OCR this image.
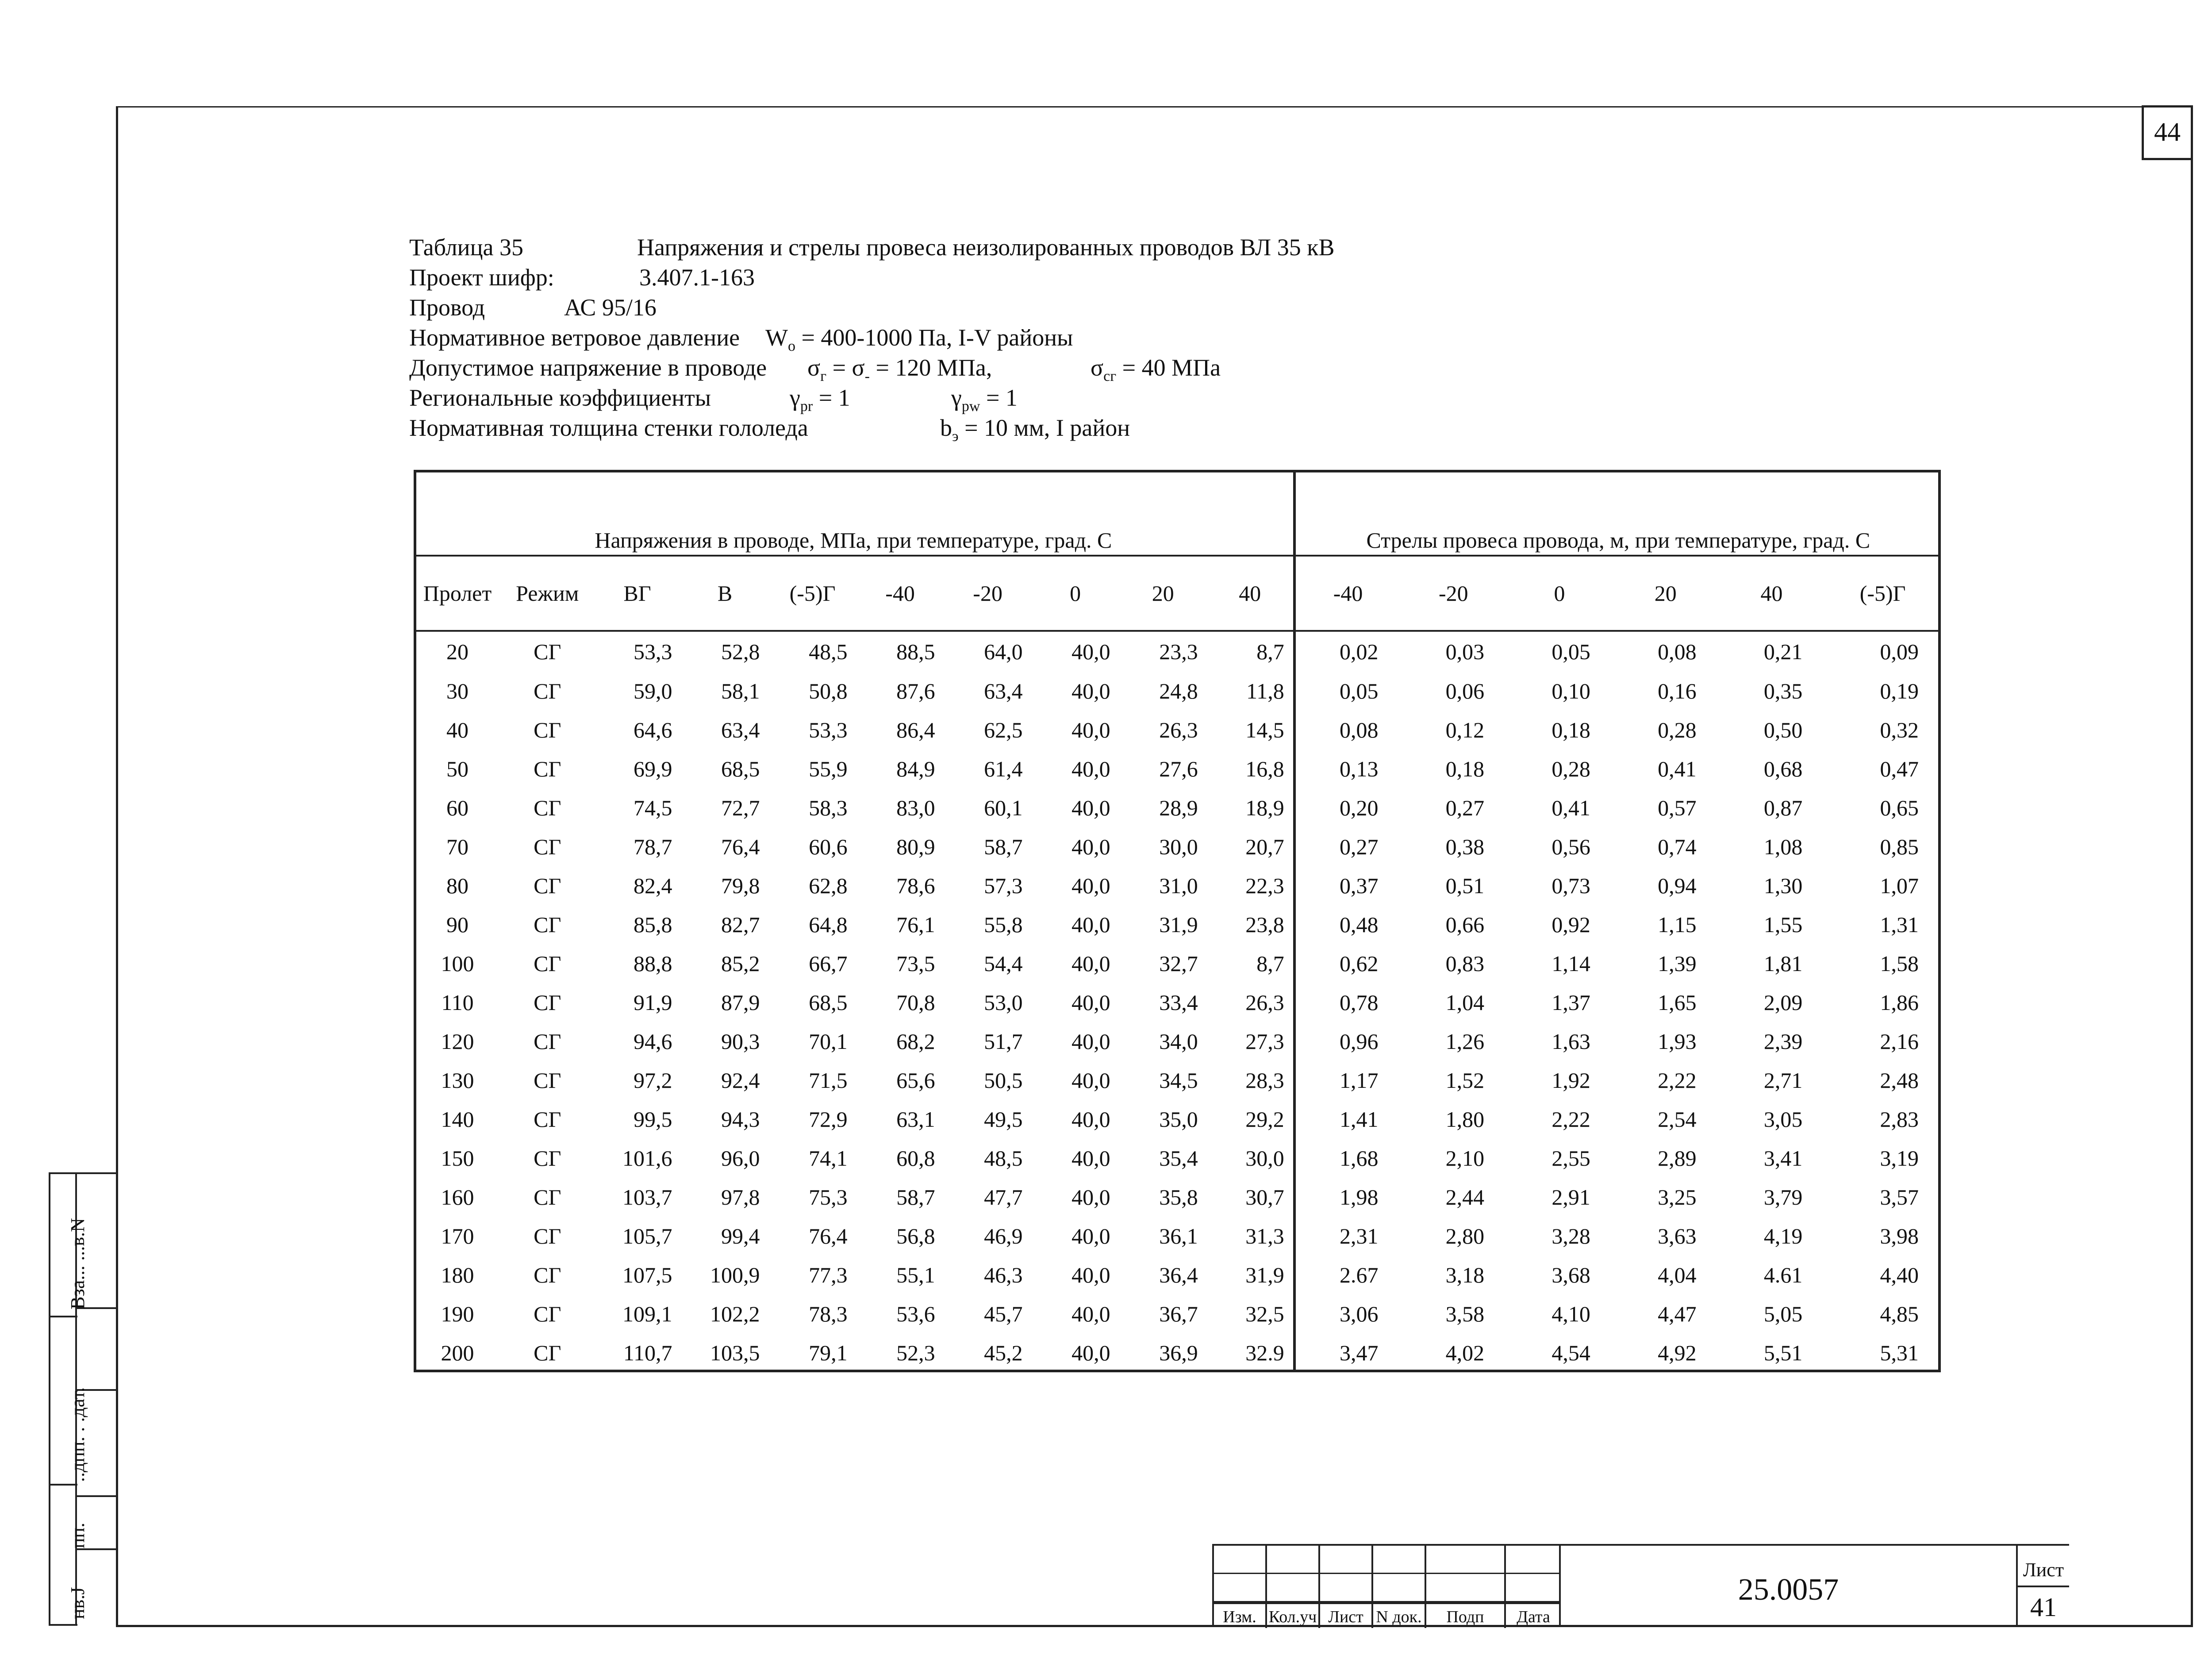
44
Таблица 35	Напряжения и стрелы провеса неизолированных проводов ВЛ 35 кВ
Проект шифр:	3.407.1-163
Провод	АС 95/16
Нормативное ветровое давление $W_o = 400-1000$ Па, I-V районы
Допустимое напряжение в проводе $\sigma_г = \sigma_- = 120$ МПа,	$\sigma_{сг} = 40$ МПа
Региональные коэффициенты	$\gamma_{pr} = 1$	$\gamma_{pw} = 1$
Нормативная толщина стенки гололеда	$b_э = 10$ мм, I район
Напряжения в проводе, МПа, при температуре, град. С										Стрелы провеса провода, м, при температуре, град. С					
Пролет	Режим	ВГ	В	(-5)Г	-40	-20	0	20	40	-40	-20	0	20	40	(-5)Г
20	СГ	53,3	52,8	48,5	88,5	64,0	40,0	23,3	8,7	0,02	0,03	0,05	0,08	0,21	0,09
30	СГ	59,0	58,1	50,8	87,6	63,4	40,0	24,8	11,8	0,05	0,06	0,10	0,16	0,35	0,19
40	СГ	64,6	63,4	53,3	86,4	62,5	40,0	26,3	14,5	0,08	0,12	0,18	0,28	0,50	0,32
50	СГ	69,9	68,5	55,9	84,9	61,4	40,0	27,6	16,8	0,13	0,18	0,28	0,41	0,68	0,47
60	СГ	74,5	72,7	58,3	83,0	60,1	40,0	28,9	18,9	0,20	0,27	0,41	0,57	0,87	0,65
70	СГ	78,7	76,4	60,6	80,9	58,7	40,0	30,0	20,7	0,27	0,38	0,56	0,74	1,08	0,85
80	СГ	82,4	79,8	62,8	78,6	57,3	40,0	31,0	22,3	0,37	0,51	0,73	0,94	1,30	1,07
90	СГ	85,8	82,7	64,8	76,1	55,8	40,0	31,9	23,8	0,48	0,66	0,92	1,15	1,55	1,31
100	СГ	88,8	85,2	66,7	73,5	54,4	40,0	32,7	8,7	0,62	0,83	1,14	1,39	1,81	1,58
110	СГ	91,9	87,9	68,5	70,8	53,0	40,0	33,4	26,3	0,78	1,04	1,37	1,65	2,09	1,86
120	СГ	94,6	90,3	70,1	68,2	51,7	40,0	34,0	27,3	0,96	1,26	1,63	1,93	2,39	2,16
130	СГ	97,2	92,4	71,5	65,6	50,5	40,0	34,5	28,3	1,17	1,52	1,92	2,22	2,71	2,48
140	СГ	99,5	94,3	72,9	63,1	49,5	40,0	35,0	29,2	1,41	1,80	2,22	2,54	3,05	2,83
150	СГ	101,6	96,0	74,1	60,8	48,5	40,0	35,4	30,0	1,68	2,10	2,55	2,89	3,41	3,19
160	СГ	103,7	97,8	75,3	58,7	47,7	40,0	35,8	30,7	1,98	2,44	2,91	3,25	3,79	3,57
170	СГ	105,7	99,4	76,4	56,8	46,9	40,0	36,1	31,3	2,31	2,80	3,28	3,63	4,19	3,98
180	СГ	107,5	100,9	77,3	55,1	46,3	40,0	36,4	31,9	2.67	3,18	3,68	4,04	4.61	4,40
190	СГ	109,1	102,2	78,3	53,6	45,7	40,0	36,7	32,5	3,06	3,58	4,10	4,47	5,05	4,85
200	СГ	110,7	103,5	79,1	52,3	45,2	40,0	36,9	32.9	3,47	4,02	4,54	4,92	5,51	5,31
Вза... ...в.N
..дпп. . .дат.
пп.
нв.J	Изм. Кол.уч Лист N док.	Подп	Дата
25.0057
Лист
41
